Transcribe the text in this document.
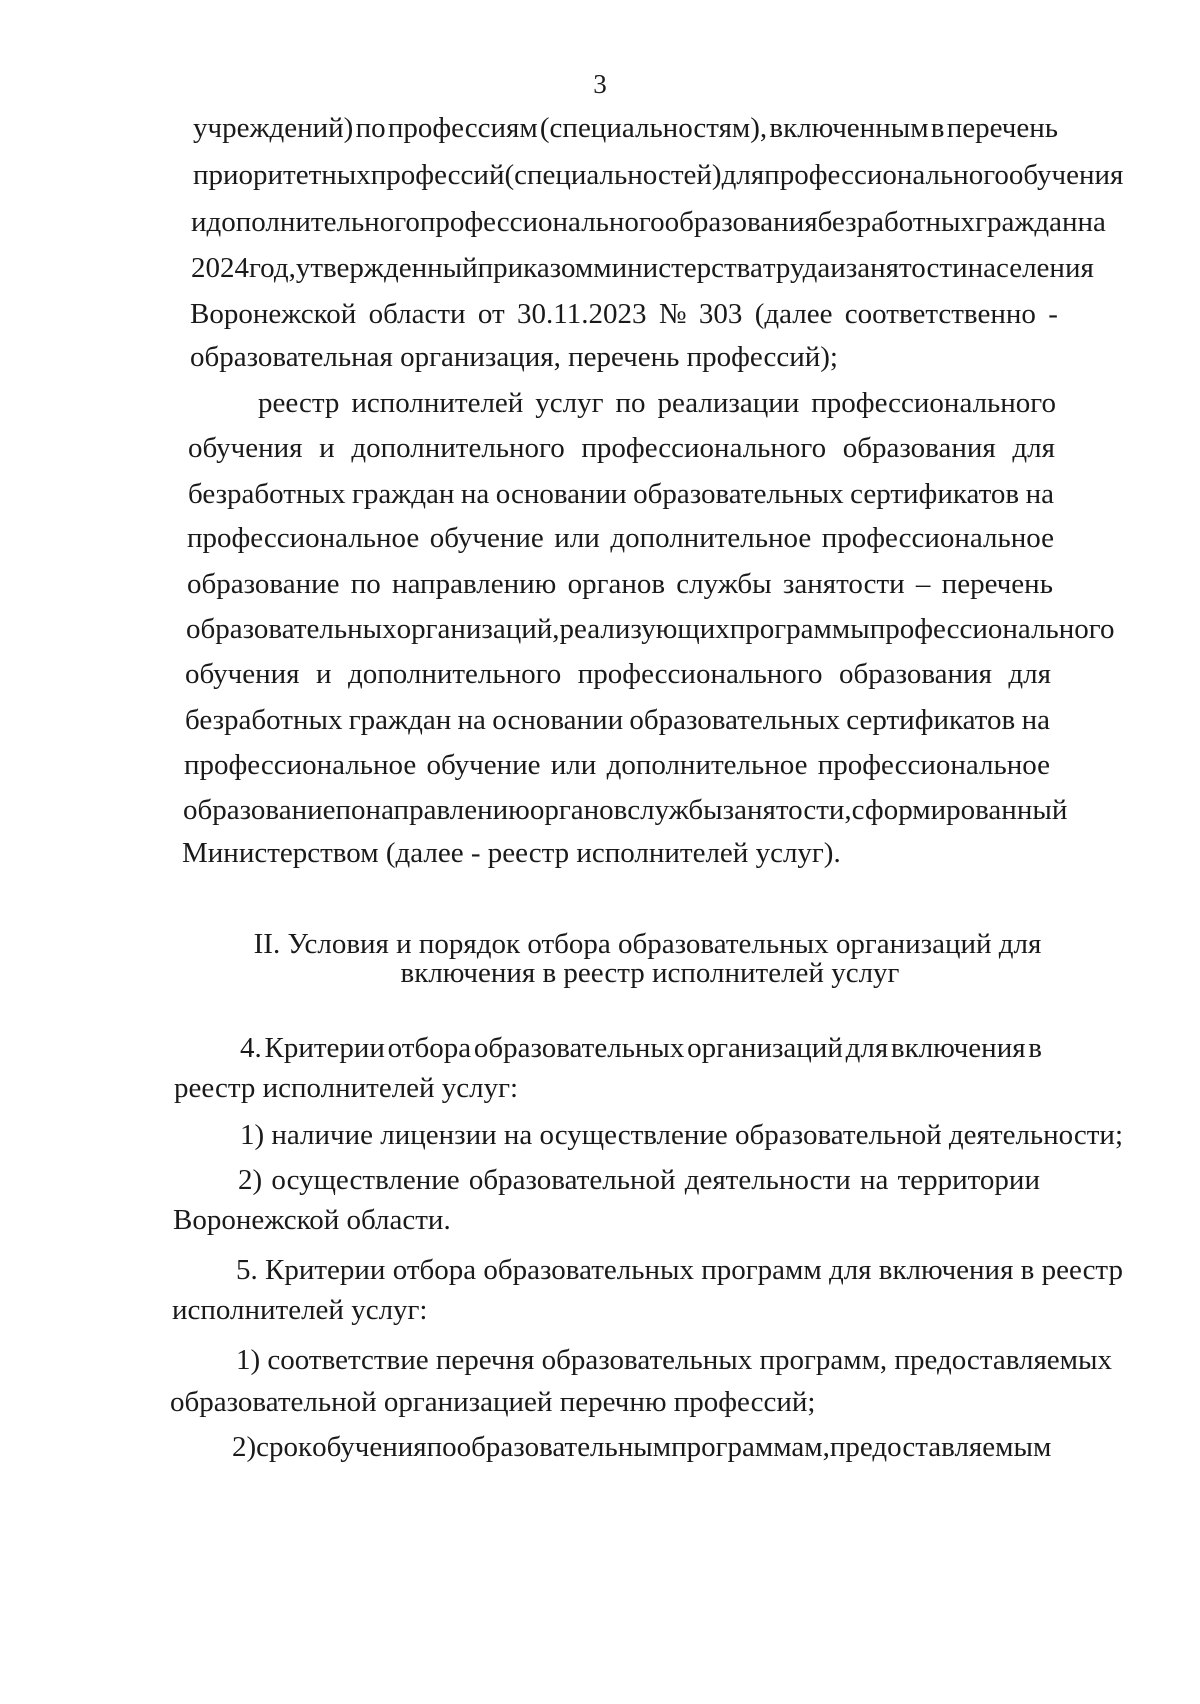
3
учреждений) по профессиям (специальностям), включенным в перечень
приоритетных профессий (специальностей) для профессионального обучения
и дополнительного профессионального образования безработных граждан на
2024 год, утвержденный приказом министерства труда и занятости населения
Воронежской области от 30.11.2023 № 303 (далее соответственно -
образовательная организация, перечень профессий);
реестр исполнителей услуг по реализации профессионального
обучения и дополнительного профессионального образования для
безработных граждан на основании образовательных сертификатов на
профессиональное обучение или дополнительное профессиональное
образование по направлению органов службы занятости – перечень
образовательных организаций, реализующих программы профессионального
обучения и дополнительного профессионального образования для
безработных граждан на основании образовательных сертификатов на
профессиональное обучение или дополнительное профессиональное
образование по направлению органов службы занятости, сформированный
Министерством (далее - реестр исполнителей услуг).
II. Условия и порядок отбора образовательных организаций для
включения в реестр исполнителей услуг
4. Критерии отбора образовательных организаций для включения в
реестр исполнителей услуг:
1) наличие лицензии на осуществление образовательной деятельности;
2) осуществление образовательной деятельности на территории
Воронежской области.
5. Критерии отбора образовательных программ для включения в реестр
исполнителей услуг:
1) соответствие перечня образовательных программ, предоставляемых
образовательной организацией перечню профессий;
2) срок обучения по образовательным программам, предоставляемым
